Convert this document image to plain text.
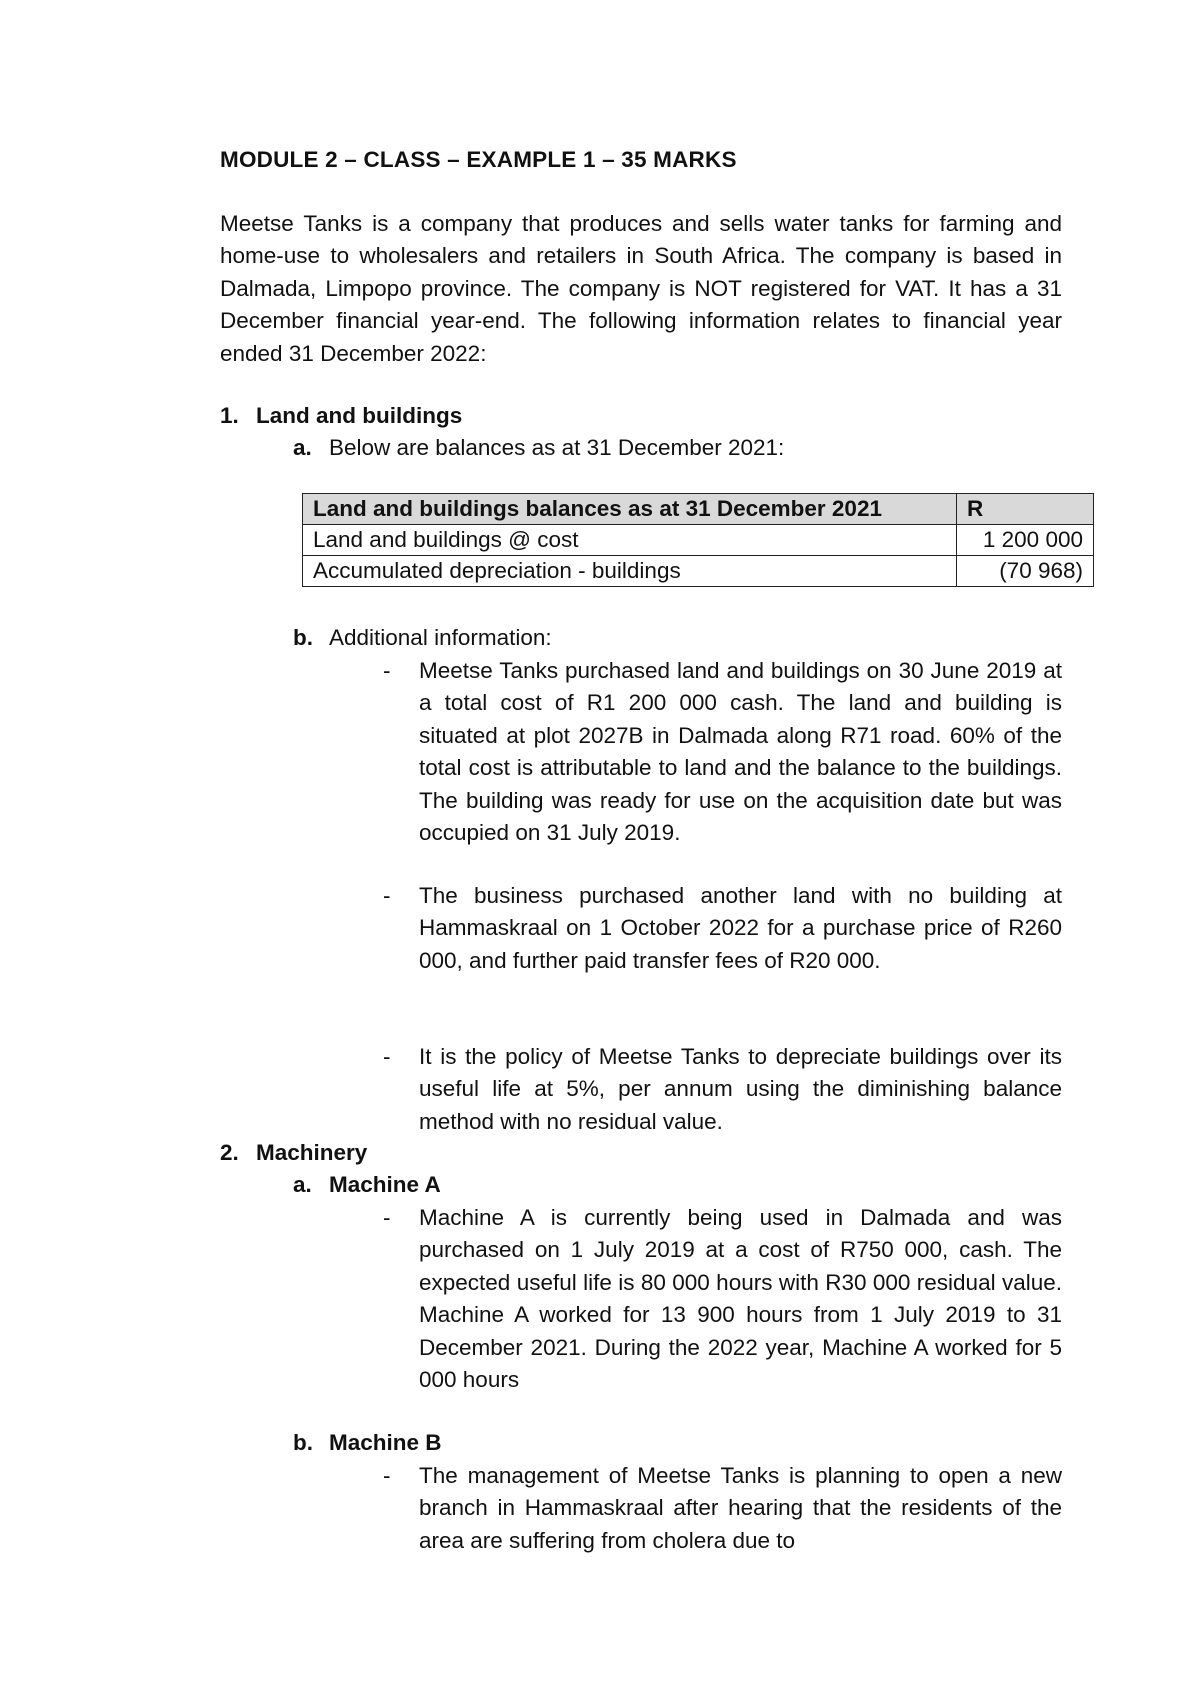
MODULE 2 – CLASS – EXAMPLE 1 – 35 MARKS
Meetse Tanks is a company that produces and sells water tanks for farming and home-use to wholesalers and retailers in South Africa. The company is based in Dalmada, Limpopo province. The company is NOT registered for VAT. It has a 31 December financial year-end. The following information relates to financial year ended 31 December 2022:
1. Land and buildings
a. Below are balances as at 31 December 2021:
Land and buildings balances as at 31 December 2021	R
Land and buildings @ cost	1 200 000
Accumulated depreciation - buildings	(70 968)
b. Additional information:
- Meetse Tanks purchased land and buildings on 30 June 2019 at a total cost of R1 200 000 cash. The land and building is situated at plot 2027B in Dalmada along R71 road. 60% of the total cost is attributable to land and the balance to the buildings. The building was ready for use on the acquisition date but was occupied on 31 July 2019.
- The business purchased another land with no building at Hammaskraal on 1 October 2022 for a purchase price of R260 000, and further paid transfer fees of R20 000.
- It is the policy of Meetse Tanks to depreciate buildings over its useful life at 5%, per annum using the diminishing balance method with no residual value.
2. Machinery
a. Machine A
- Machine A is currently being used in Dalmada and was purchased on 1 July 2019 at a cost of R750 000, cash. The expected useful life is 80 000 hours with R30 000 residual value. Machine A worked for 13 900 hours from 1 July 2019 to 31 December 2021. During the 2022 year, Machine A worked for 5 000 hours
b. Machine B
- The management of Meetse Tanks is planning to open a new branch in Hammaskraal after hearing that the residents of the area are suffering from cholera due to
